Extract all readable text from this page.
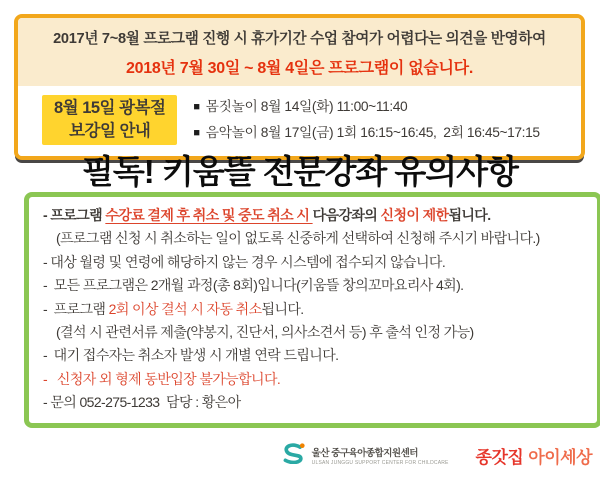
2017년 7~8월 프로그램 진행 시 휴가기간 수업 참여가 어렵다는 의견을 반영하여
2018년 7월 30일 ~ 8월 4일은 프로그램이 없습니다.
8월 15일 광복절
보강일 안내
■ 몸짓놀이 8월 14일(화) 11:00~11:40
■ 음악놀이 8월 17일(금) 1회 16:15~16:45,  2회 16:45~17:15
필독! 키움뜰 전문강좌 유의사항
- 프로그램 수강료 결제 후 취소 및 중도 취소 시 다음강좌의 신청이 제한됩니다.
(프로그램 신청 시 취소하는 일이 없도록 신중하게 선택하여 신청해 주시기 바랍니다.)
- 대상 월령 및 연령에 해당하지 않는 경우 시스템에 접수되지 않습니다.
-  모든 프로그램은 2개월 과정(총 8회)입니다(키움뜰 창의꼬마요리사 4회).
-  프로그램 2회 이상 결석 시 자동 취소됩니다.
(결석 시 관련서류 제출(약봉지, 진단서, 의사소견서 등) 후 출석 인정 가능)
-  대기 접수자는 취소자 발생 시 개별 연락 드립니다.
-   신청자 외 형제 동반입장 불가능합니다.
- 문의 052-275-1233  담당 : 황은아
울산 중구육아종합지원센터
ULSAN JUNGGU SUPPORT CENTER FOR CHILDCARE	종갓집 아이세상
